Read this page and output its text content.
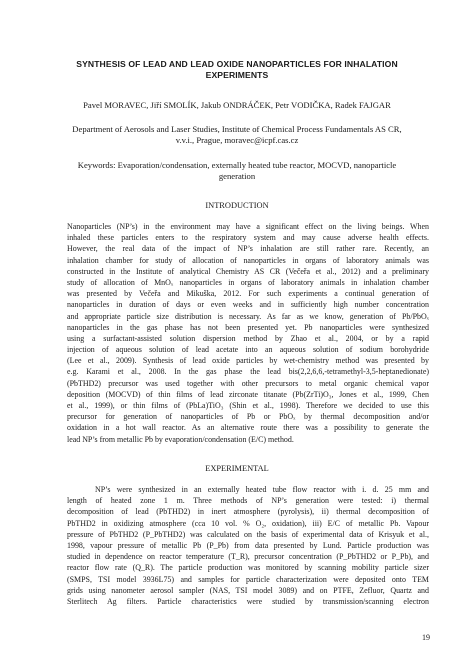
SYNTHESIS OF LEAD AND LEAD OXIDE NANOPARTICLES FOR INHALATION
EXPERIMENTS
Pavel MORAVEC, Jiří SMOLÍK, Jakub ONDRÁČEK, Petr VODIČKA, Radek FAJGAR
Department of Aerosols and Laser Studies, Institute of Chemical Process Fundamentals AS CR,
v.v.i., Prague, moravec@icpf.cas.cz
Keywords: Evaporation/condensation, externally heated tube reactor, MOCVD, nanoparticle
generation
INTRODUCTION
Nanoparticles (NP’s) in the environment may have a significant effect on the living beings. When
inhaled these particles enters to the respiratory system and may cause adverse health effects.
However, the real data of the impact of NP’s inhalation are still rather rare. Recently, an
inhalation chamber for study of allocation of nanoparticles in organs of laboratory animals was
constructed in the Institute of analytical Chemistry AS CR (Večeřa et al., 2012) and a preliminary
study of allocation of MnOₓ nanoparticles in organs of laboratory animals in inhalation chamber
was presented by Večeřa and Mikuška, 2012. For such experiments a continual generation of
nanoparticles in duration of days or even weeks and in sufficiently high number concentration
and appropriate particle size distribution is necessary. As far as we know, generation of Pb/PbOₓ
nanoparticles in the gas phase has not been presented yet. Pb nanoparticles were synthesized
using a surfactant-assisted solution dispersion method by Zhao et al., 2004, or by a rapid
injection of aqueous solution of lead acetate into an aqueous solution of sodium borohydride
(Lee et al., 2009). Synthesis of lead oxide particles by wet-chemistry method was presented by
e.g. Karami et al., 2008. In the gas phase the lead bis(2,2,6,6,-tetramethyl-3,5-heptanedionate)
(PbTHD2) precursor was used together with other precursors to metal organic chemical vapor
deposition (MOCVD) of thin films of lead zirconate titanate (Pb(ZrTi)O₃, Jones et al., 1999, Chen
et al., 1999), or thin films of (PbLa)TiO₃ (Shin et al., 1998). Therefore we decided to use this
precursor for generation of nanoparticles of Pb or PbOₓ by thermal decomposition and/or
oxidation in a hot wall reactor. As an alternative route there was a possibility to generate the
lead NP’s from metallic Pb by evaporation/condensation (E/C) method.
EXPERIMENTAL
NP’s were synthesized in an externally heated tube flow reactor with i. d. 25 mm and
length of heated zone 1 m. Three methods of NP’s generation were tested: i) thermal
decomposition of lead (PbTHD2) in inert atmosphere (pyrolysis), ii) thermal decomposition of
PbTHD2 in oxidizing atmosphere (cca 10 vol. % O₂, oxidation), iii) E/C of metallic Pb. Vapour
pressure of PbTHD2 (P_PbTHD2) was calculated on the basis of experimental data of Krisyuk et al.,
1998, vapour pressure of metallic Pb (P_Pb) from data presented by Lund. Particle production was
studied in dependence on reactor temperature (T_R), precursor concentration (P_PbTHD2 or P_Pb), and
reactor flow rate (Q_R). The particle production was monitored by scanning mobility particle sizer
(SMPS, TSI model 3936L75) and samples for particle characterization were deposited onto TEM
grids using nanometer aerosol sampler (NAS, TSI model 3089) and on PTFE, Zefluor, Quartz and
Sterlitech Ag filters. Particle characteristics were studied by transmission/scanning electron
19
